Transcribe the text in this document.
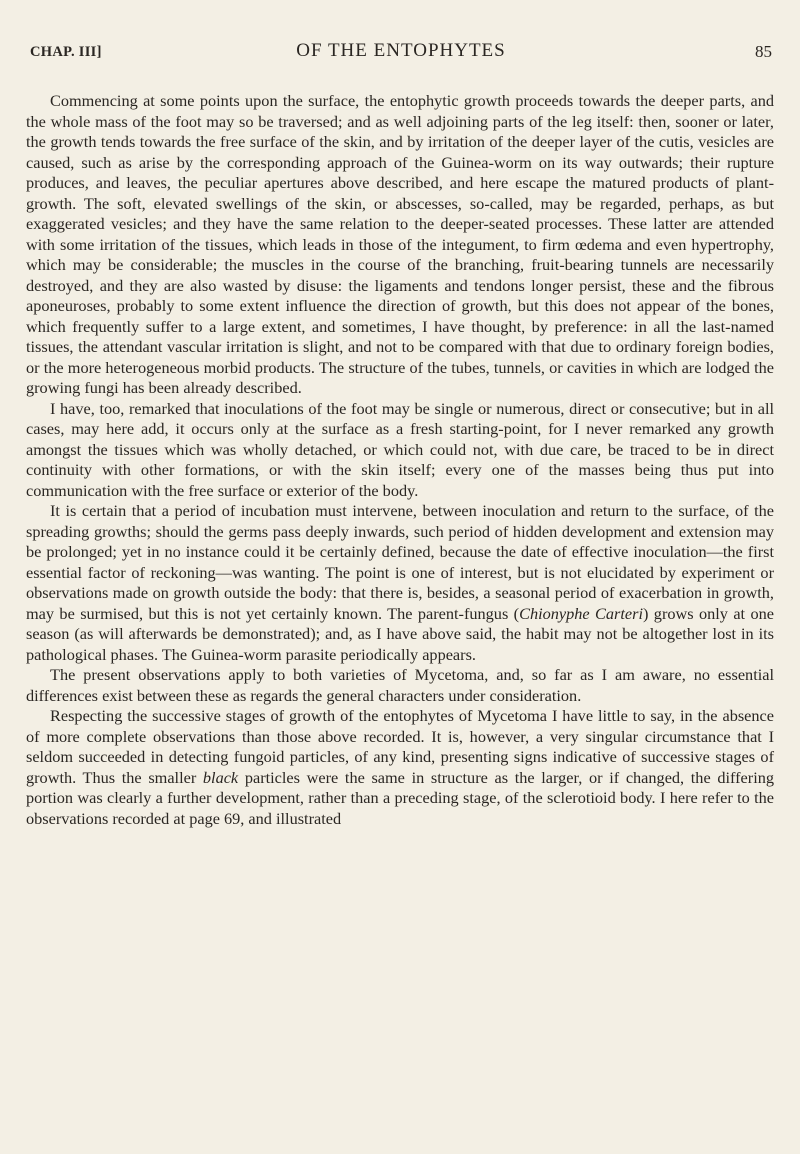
CHAP. III]	OF THE ENTOPHYTES	85

Commencing at some points upon the surface, the entophytic growth proceeds towards the deeper parts, and the whole mass of the foot may so be traversed; and as well adjoining parts of the leg itself: then, sooner or later, the growth tends towards the free surface of the skin, and by irritation of the deeper layer of the cutis, vesicles are caused, such as arise by the corresponding approach of the Guinea-worm on its way outwards; their rupture produces, and leaves, the peculiar apertures above described, and here escape the matured products of plant-growth. The soft, elevated swellings of the skin, or abscesses, so-called, may be regarded, perhaps, as but exaggerated vesicles; and they have the same relation to the deeper-seated processes. These latter are attended with some irritation of the tissues, which leads in those of the integument, to firm œdema and even hypertrophy, which may be considerable; the muscles in the course of the branching, fruit-bearing tunnels are necessarily destroyed, and they are also wasted by disuse: the ligaments and tendons longer persist, these and the fibrous aponeuroses, probably to some extent influence the direction of growth, but this does not appear of the bones, which frequently suffer to a large extent, and sometimes, I have thought, by preference: in all the last-named tissues, the attendant vascular irritation is slight, and not to be compared with that due to ordinary foreign bodies, or the more heterogeneous morbid products. The structure of the tubes, tunnels, or cavities in which are lodged the growing fungi has been already described.

I have, too, remarked that inoculations of the foot may be single or numerous, direct or consecutive; but in all cases, may here add, it occurs only at the surface as a fresh starting-point, for I never remarked any growth amongst the tissues which was wholly detached, or which could not, with due care, be traced to be in direct continuity with other formations, or with the skin itself; every one of the masses being thus put into communication with the free surface or exterior of the body.

It is certain that a period of incubation must intervene, between inoculation and return to the surface, of the spreading growths; should the germs pass deeply inwards, such period of hidden development and extension may be prolonged; yet in no instance could it be certainly defined, because the date of effective inoculation—the first essential factor of reckoning—was wanting. The point is one of interest, but is not elucidated by experiment or observations made on growth outside the body: that there is, besides, a seasonal period of exacerbation in growth, may be surmised, but this is not yet certainly known. The parent-fungus (Chionyphe Carteri) grows only at one season (as will afterwards be demonstrated); and, as I have above said, the habit may not be altogether lost in its pathological phases. The Guinea-worm parasite periodically appears.

The present observations apply to both varieties of Mycetoma, and, so far as I am aware, no essential differences exist between these as regards the general characters under consideration.

Respecting the successive stages of growth of the entophytes of Mycetoma I have little to say, in the absence of more complete observations than those above recorded. It is, however, a very singular circumstance that I seldom succeeded in detecting fungoid particles, of any kind, presenting signs indicative of successive stages of growth. Thus the smaller black particles were the same in structure as the larger, or if changed, the differing portion was clearly a further development, rather than a preceding stage, of the sclerotioid body. I here refer to the observations recorded at page 69, and illustrated
